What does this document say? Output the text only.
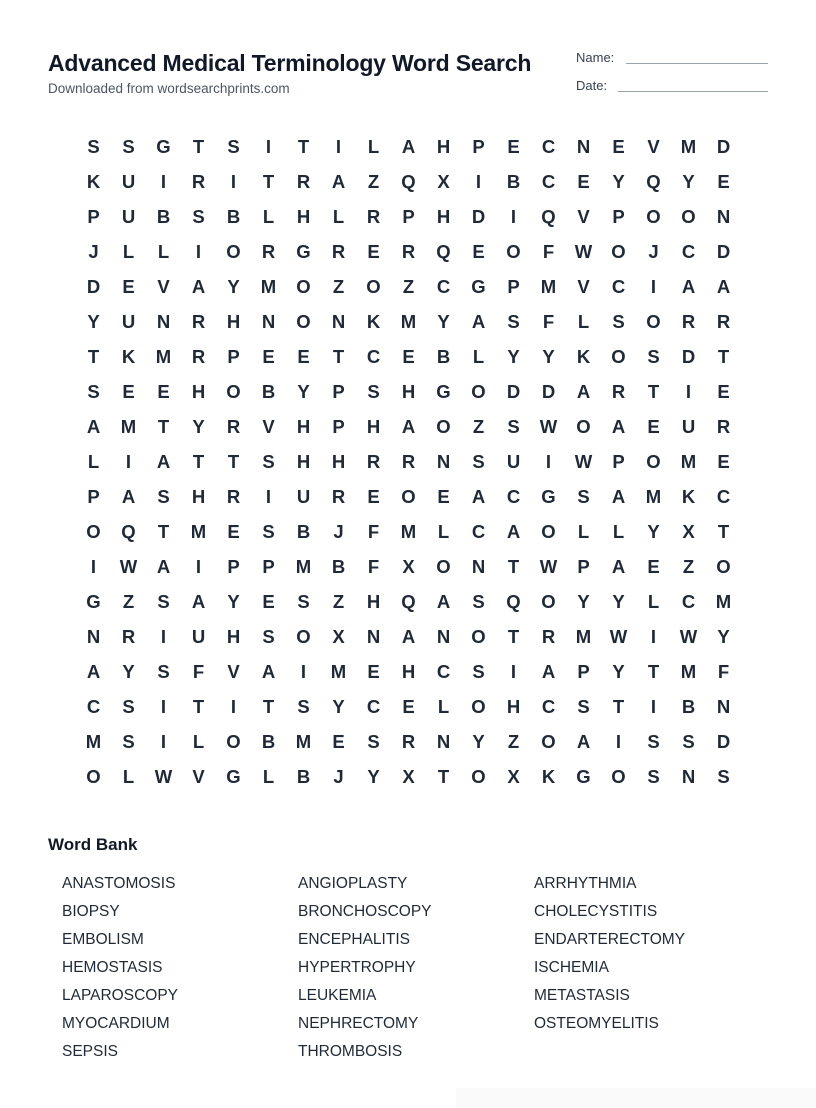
Advanced Medical Terminology Word Search
Downloaded from wordsearchprints.com
Name:
Date:
S	S	G	T	S	I	T	I	L	A	H	P	E	C	N	E	V	M	D
K	U	I	R	I	T	R	A	Z	Q	X	I	B	C	E	Y	Q	Y	E
P	U	B	S	B	L	H	L	R	P	H	D	I	Q	V	P	O	O	N
J	L	L	I	O	R	G	R	E	R	Q	E	O	F	W	O	J	C	D
D	E	V	A	Y	M	O	Z	O	Z	C	G	P	M	V	C	I	A	A
Y	U	N	R	H	N	O	N	K	M	Y	A	S	F	L	S	O	R	R
T	K	M	R	P	E	E	T	C	E	B	L	Y	Y	K	O	S	D	T
S	E	E	H	O	B	Y	P	S	H	G	O	D	D	A	R	T	I	E
A	M	T	Y	R	V	H	P	H	A	O	Z	S	W	O	A	E	U	R
L	I	A	T	T	S	H	H	R	R	N	S	U	I	W	P	O	M	E
P	A	S	H	R	I	U	R	E	O	E	A	C	G	S	A	M	K	C
O	Q	T	M	E	S	B	J	F	M	L	C	A	O	L	L	Y	X	T
I	W	A	I	P	P	M	B	F	X	O	N	T	W	P	A	E	Z	O
G	Z	S	A	Y	E	S	Z	H	Q	A	S	Q	O	Y	Y	L	C	M
N	R	I	U	H	S	O	X	N	A	N	O	T	R	M	W	I	W	Y
A	Y	S	F	V	A	I	M	E	H	C	S	I	A	P	Y	T	M	F
C	S	I	T	I	T	S	Y	C	E	L	O	H	C	S	T	I	B	N
M	S	I	L	O	B	M	E	S	R	N	Y	Z	O	A	I	S	S	D
O	L	W	V	G	L	B	J	Y	X	T	O	X	K	G	O	S	N	S
Word Bank
ANASTOMOSIS	ANGIOPLASTY	ARRHYTHMIA
BIOPSY	BRONCHOSCOPY	CHOLECYSTITIS
EMBOLISM	ENCEPHALITIS	ENDARTERECTOMY
HEMOSTASIS	HYPERTROPHY	ISCHEMIA
LAPAROSCOPY	LEUKEMIA	METASTASIS
MYOCARDIUM	NEPHRECTOMY	OSTEOMYELITIS
SEPSIS	THROMBOSIS
